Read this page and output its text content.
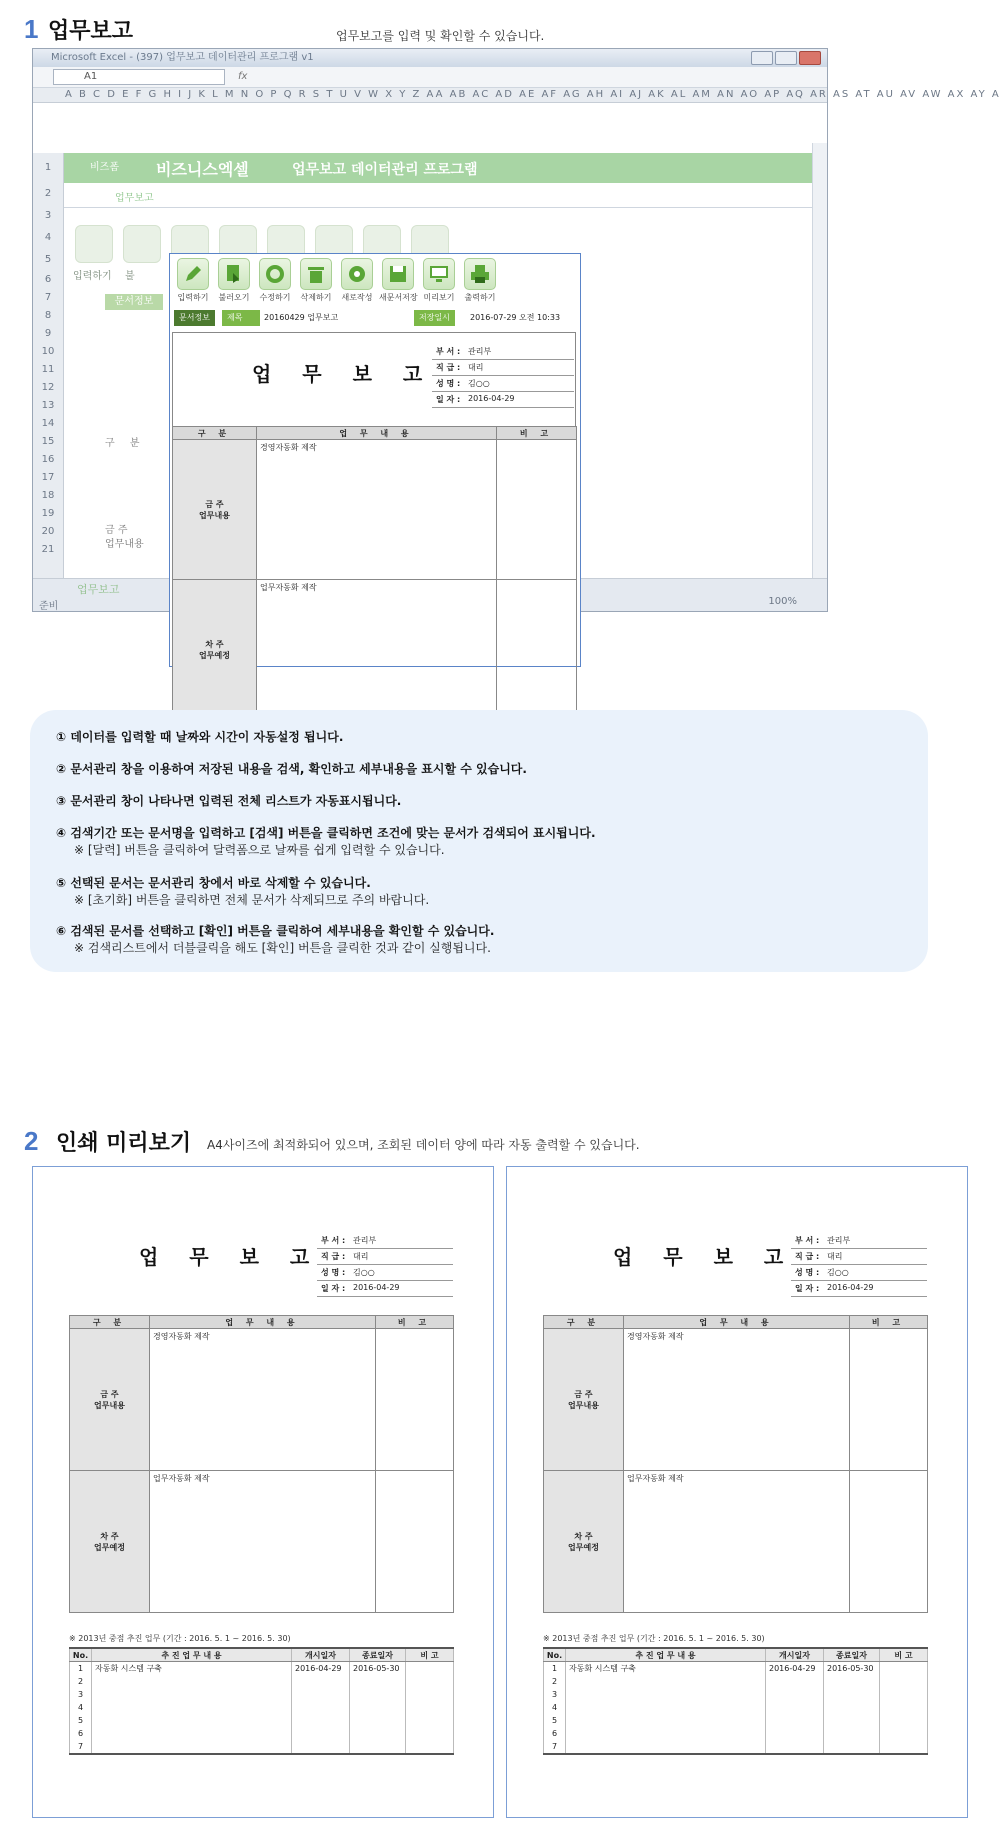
1 업무보고	업무보고를 입력 및 확인할 수 있습니다.
Microsoft Excel - (397) 업무보고 데이터관리 프로그램 v1
A1	fx
A B C D E F G H I J K L M N O P Q R S T U V W X Y Z AA AB AC AD AE AF AG AH AI AJ AK AL AM AN AO AP AQ AR AS AT AU AV AW AX AY A
1
2
3
4
5
6
7
8
9
10
11
12
13
14
15
16
17
18
19
20
21
비즈폼 비즈니스엑셀	업무보고 데이터관리 프로그램
업무보고
입력하기 불
문서정보
구 분
금 주
업무내용
업무보고
준비	100%
입력하기	불러오기	수정하기	삭제하기	새로작성 새문서저장 미리보기	출력하기
문서정보	제목	20160429 업무보고	저장일시	2016-07-29 오전 10:33
업 무 보 고
부 서 : 관리부
직 급 : 대리
성 명 : 김○○
일 자 : 2016-04-29
구 분	업 무 내 용	비 고
금 주
업무내용	경영자동화 제작	
차 주
업무예정	업무자동화 제작	
① 데이터를 입력할 때 날짜와 시간이 자동설정 됩니다.
② 문서관리 창을 이용하여 저장된 내용을 검색, 확인하고 세부내용을 표시할 수 있습니다.
③ 문서관리 창이 나타나면 입력된 전체 리스트가 자동표시됩니다.
④ 검색기간 또는 문서명을 입력하고 [검색] 버튼을 클릭하면 조건에 맞는 문서가 검색되어 표시됩니다.
※ [달력] 버튼을 클릭하여 달력폼으로 날짜를 쉽게 입력할 수 있습니다.
⑤ 선택된 문서는 문서관리 창에서 바로 삭제할 수 있습니다.
※ [초기화] 버튼을 클릭하면 전체 문서가 삭제되므로 주의 바랍니다.
⑥ 검색된 문서를 선택하고 [확인] 버튼을 클릭하여 세부내용을 확인할 수 있습니다.
※ 검색리스트에서 더블클릭을 해도 [확인] 버튼을 클릭한 것과 같이 실행됩니다.
2 인쇄 미리보기 A4사이즈에 최적화되어 있으며, 조회된 데이터 양에 따라 자동 출력할 수 있습니다.
업 무 보 고
부 서 : 관리부
직 급 : 대리
성 명 : 김○○
일 자 : 2016-04-29
구 분	업 무 내 용	비 고
금 주
업무내용	경영자동화 제작	
차 주
업무예정	업무자동화 제작	
※ 2013년 중점 추진 업무 (기간 : 2016. 5. 1 ~ 2016. 5. 30)
No.	추 진 업 무 내 용	개시일자	종료일자	비 고
1	자동화 시스템 구축	2016-04-29	2016-05-30	
2				
3				
4				
5				
6				
7				
업 무 보 고
부 서 : 관리부
직 급 : 대리
성 명 : 김○○
일 자 : 2016-04-29
구 분	업 무 내 용	비 고
금 주
업무내용	경영자동화 제작	
차 주
업무예정	업무자동화 제작	
※ 2013년 중점 추진 업무 (기간 : 2016. 5. 1 ~ 2016. 5. 30)
No.	추 진 업 무 내 용	개시일자	종료일자	비 고
1	자동화 시스템 구축	2016-04-29	2016-05-30	
2				
3				
4				
5				
6				
7				
